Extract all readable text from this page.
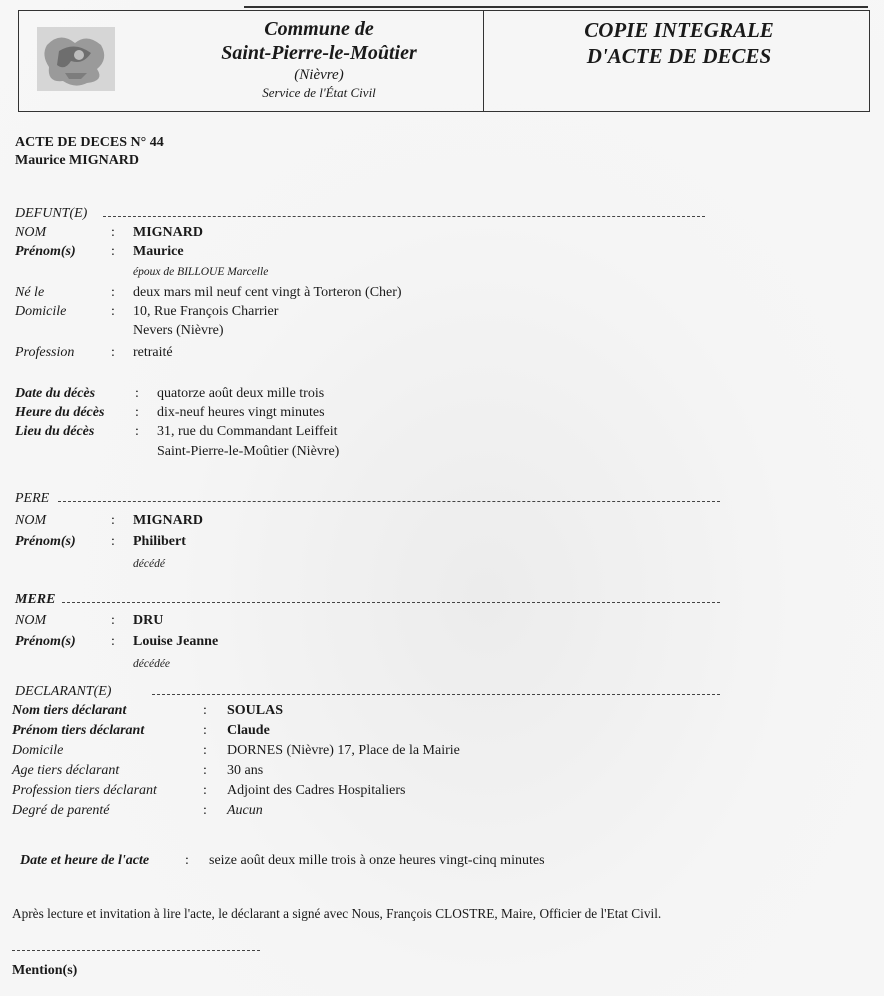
Commune de
Saint-Pierre-le-Moûtier
(Nièvre)
Service de l'État Civil
COPIE INTEGRALE
D'ACTE DE DECES
ACTE DE DECES N° 44
Maurice MIGNARD
DEFUNT(E)
NOM	: MIGNARD
Prénom(s)	: Maurice
époux de BILLOUE Marcelle
Né le	: deux mars mil neuf cent vingt à Torteron (Cher)
Domicile	: 10, Rue François Charrier
Nevers (Nièvre)
Profession	: retraité
Date du décès	: quatorze août deux mille trois
Heure du décès : dix-neuf heures vingt minutes
Lieu du décès	: 31, rue du Commandant Leiffeit
Saint-Pierre-le-Moûtier (Nièvre)
PERE
NOM	: MIGNARD
Prénom(s)	: Philibert
décédé
MERE
NOM	: DRU
Prénom(s)	: Louise Jeanne
décédée
DECLARANT(E)
Nom tiers déclarant	: SOULAS
Prénom tiers déclarant	: Claude
Domicile	: DORNES (Nièvre) 17, Place de la Mairie
Age tiers déclarant	: 30 ans
Profession tiers déclarant	: Adjoint des Cadres Hospitaliers
Degré de parenté	: Aucun
Date et heure de l'acte	: seize août deux mille trois à onze heures vingt-cinq minutes
Après lecture et invitation à lire l'acte, le déclarant a signé avec Nous, François CLOSTRE, Maire, Officier de l'Etat Civil.
Mention(s)
